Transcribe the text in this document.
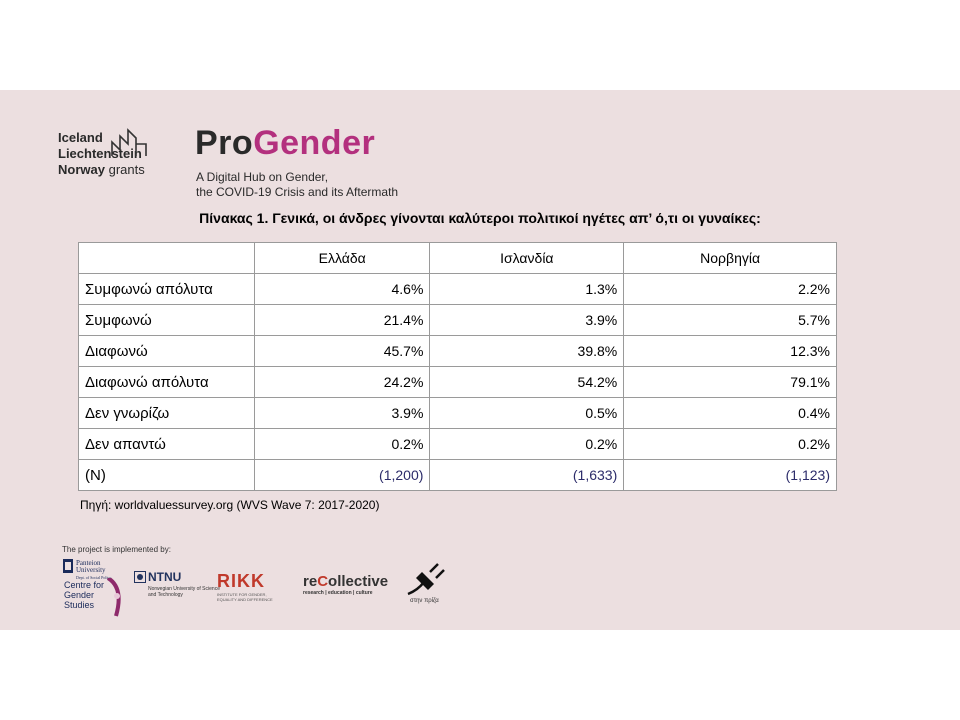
Iceland
Liechtenstein
Norway grants
ProGender
A Digital Hub on Gender,
the COVID-19 Crisis and its Aftermath
Πίνακας 1. Γενικά, οι άνδρες γίνονται καλύτεροι πολιτικοί ηγέτες απ’ ό,τι οι γυναίκες:
	Ελλάδα	Ισλανδία	Νορβηγία
Συμφωνώ απόλυτα	4.6%	1.3%	2.2%
Συμφωνώ	21.4%	3.9%	5.7%
Διαφωνώ	45.7%	39.8%	12.3%
Διαφωνώ απόλυτα	24.2%	54.2%	79.1%
Δεν γνωρίζω	3.9%	0.5%	0.4%
Δεν απαντώ	0.2%	0.2%	0.2%
(N)	(1,200)	(1,633)	(1,123)
Πηγή: worldvaluessurvey.org (WVS Wave 7: 2017-2020)
The project is implemented by:
Panteion
University
Dept. of Social Policy
Centre for Gender Studies
NTNU
Norwegian University of Science and Technology
RIKK
INSTITUTE FOR GENDER, EQUALITY AND DIFFERENCE
reCollective
research | education | culture
στην πρίζα
